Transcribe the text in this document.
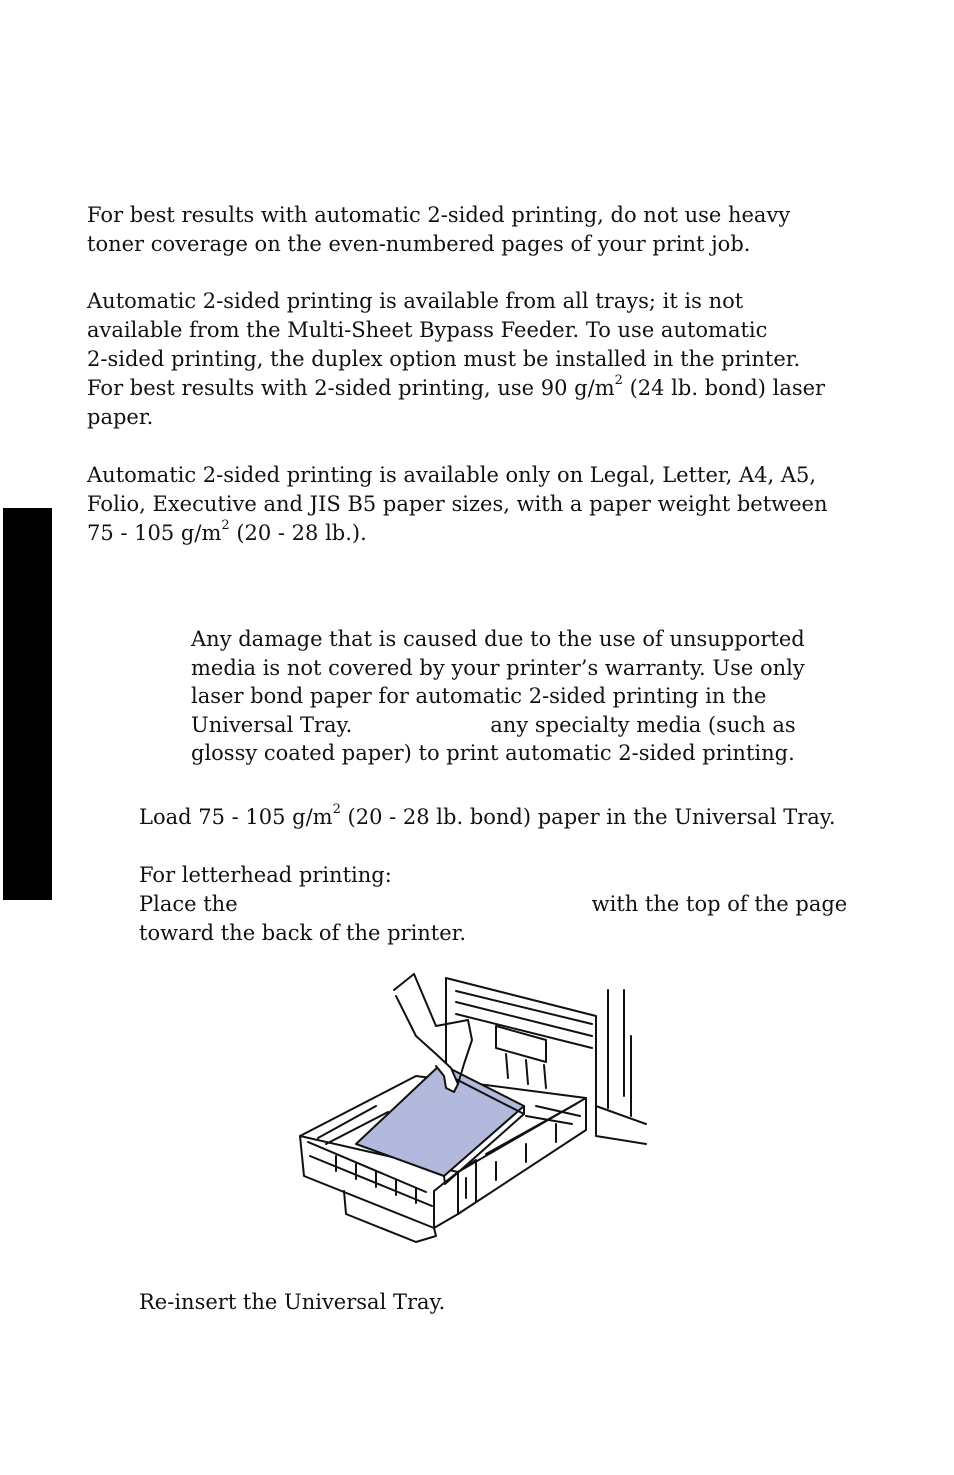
For best results with automatic 2-sided printing, do not use heavy
toner coverage on the even-numbered pages of your print job.
Automatic 2-sided printing is available from all trays; it is not
available from the Multi-Sheet Bypass Feeder. To use automatic
2-sided printing, the duplex option must be installed in the printer.
For best results with 2-sided printing, use 90 $g/m^2$ (24 lb. bond) laser
paper.
Automatic 2-sided printing is available only on Legal, Letter, A4, A5,
Folio, Executive and JIS B5 paper sizes, with a paper weight between
75 - 105 $g/m^2$ (20 - 28 lb.).
Any damage that is caused due to the use of unsupported
media is not covered by your printer’s warranty. Use only
laser bond paper for automatic 2-sided printing in the
Universal Tray.	any specialty media (such as
glossy coated paper) to print automatic 2-sided printing.
Load 75 - 105 $g/m^2$ (20 - 28 lb. bond) paper in the Universal Tray.
For letterhead printing:
Place the	with the top of the page
toward the back of the printer.
Re-insert the Universal Tray.
